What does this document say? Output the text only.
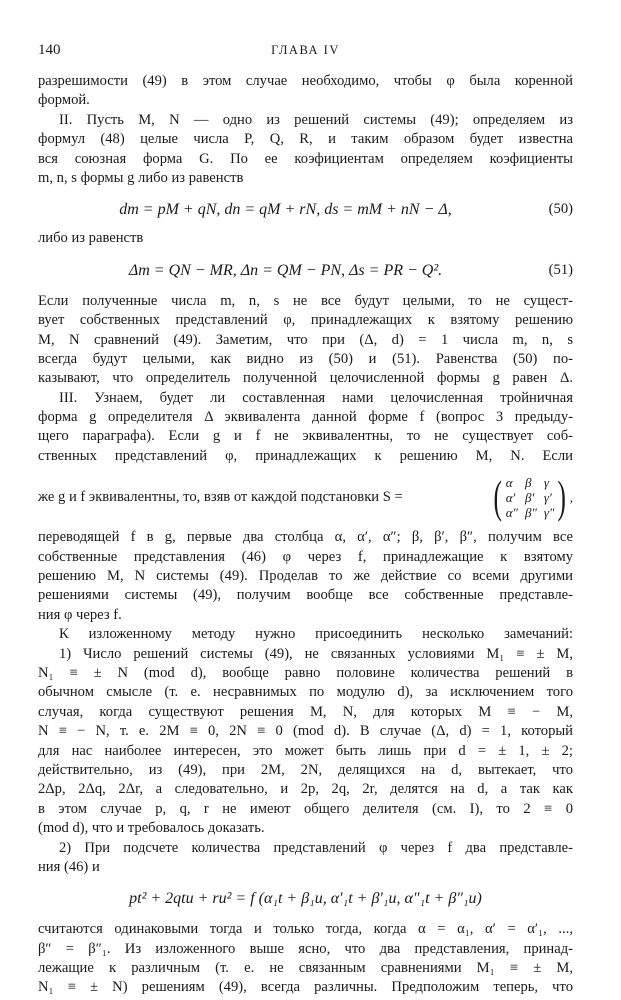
140	ГЛАВА IV

разрешимости (49) в этом случае необходимо, чтобы φ была коренной

формой.

II. Пусть M, N — одно из решений системы (49); определяем из

формул (48) целые числа P, Q, R, и таким образом будет известна

вся союзная форма G. По ее коэфициентам определяем коэфициенты

m, n, s формы g либо из равенств

dm = pM + qN, dn = qM + rN, ds = mM + nN − Δ,	(50)

либо из равенств

Δm = QN − MR, Δn = QM − PN, Δs = PR − Q².	(51)

Если полученные числа m, n, s не все будут целыми, то не сущест-

вует собственных представлений φ, принадлежащих к взятому решению

M, N сравнений (49). Заметим, что при (Δ, d) = 1 числа m, n, s

всегда будут целыми, как видно из (50) и (51). Равенства (50) по-

казывают, что определитель полученной целочисленной формы g равен Δ.

III. Узнаем, будет ли составленная нами целочисленная тройничная

форма g определителя Δ эквивалента данной форме f (вопрос 3 предыду-

щего параграфа). Если g и f не эквивалентны, то не существует соб-

ственных представлений φ, принадлежащих к решению M, N. Если

же g и f эквивалентны, то, взяв от каждой подстановки S = ( α β γ
α′ β′ γ′
α″ β″ γ″ ) ,

переводящей f в g, первые два столбца α, α′, α″; β, β′, β″, получим все

собственные представления (46) φ через f, принадлежащие к взятому

решению M, N системы (49). Проделав то же действие со всеми другими

решениями системы (49), получим вообще все собственные представле-

ния φ через f.

К изложенному методу нужно присоединить несколько замечаний:

1) Число решений системы (49), не связанных условиями M₁ ≡ ± M,

N₁ ≡ ± N (mod d), вообще равно половине количества решений в

обычном смысле (т. е. несравнимых по модулю d), за исключением того

случая, когда существуют решения M, N, для которых M ≡ − M,

N ≡ − N, т. е. 2M ≡ 0, 2N ≡ 0 (mod d). В случае (Δ, d) = 1, который

для нас наиболее интересен, это может быть лишь при d = ± 1, ± 2;

действительно, из (49), при 2M, 2N, делящихся на d, вытекает, что

2Δp, 2Δq, 2Δr, а следовательно, и 2p, 2q, 2r, делятся на d, а так как

в этом случае p, q, r не имеют общего делителя (см. I), то 2 ≡ 0

(mod d), что и требовалось доказать.

2) При подсчете количества представлений φ через f два представле-

ния (46) и

pt² + 2qtu + ru² = f (α₁t + β₁u, α′₁t + β′₁u, α″₁t + β″₁u)

считаются одинаковыми тогда и только тогда, когда α = α₁, α′ = α′₁, ...,

β″ = β″₁. Из изложенного выше ясно, что два представления, принад-

лежащие к различным (т. е. не связанным сравнениями M₁ ≡ ± M,

N₁ ≡ ± N) решениям (49), всегда различны. Предположим теперь, что
